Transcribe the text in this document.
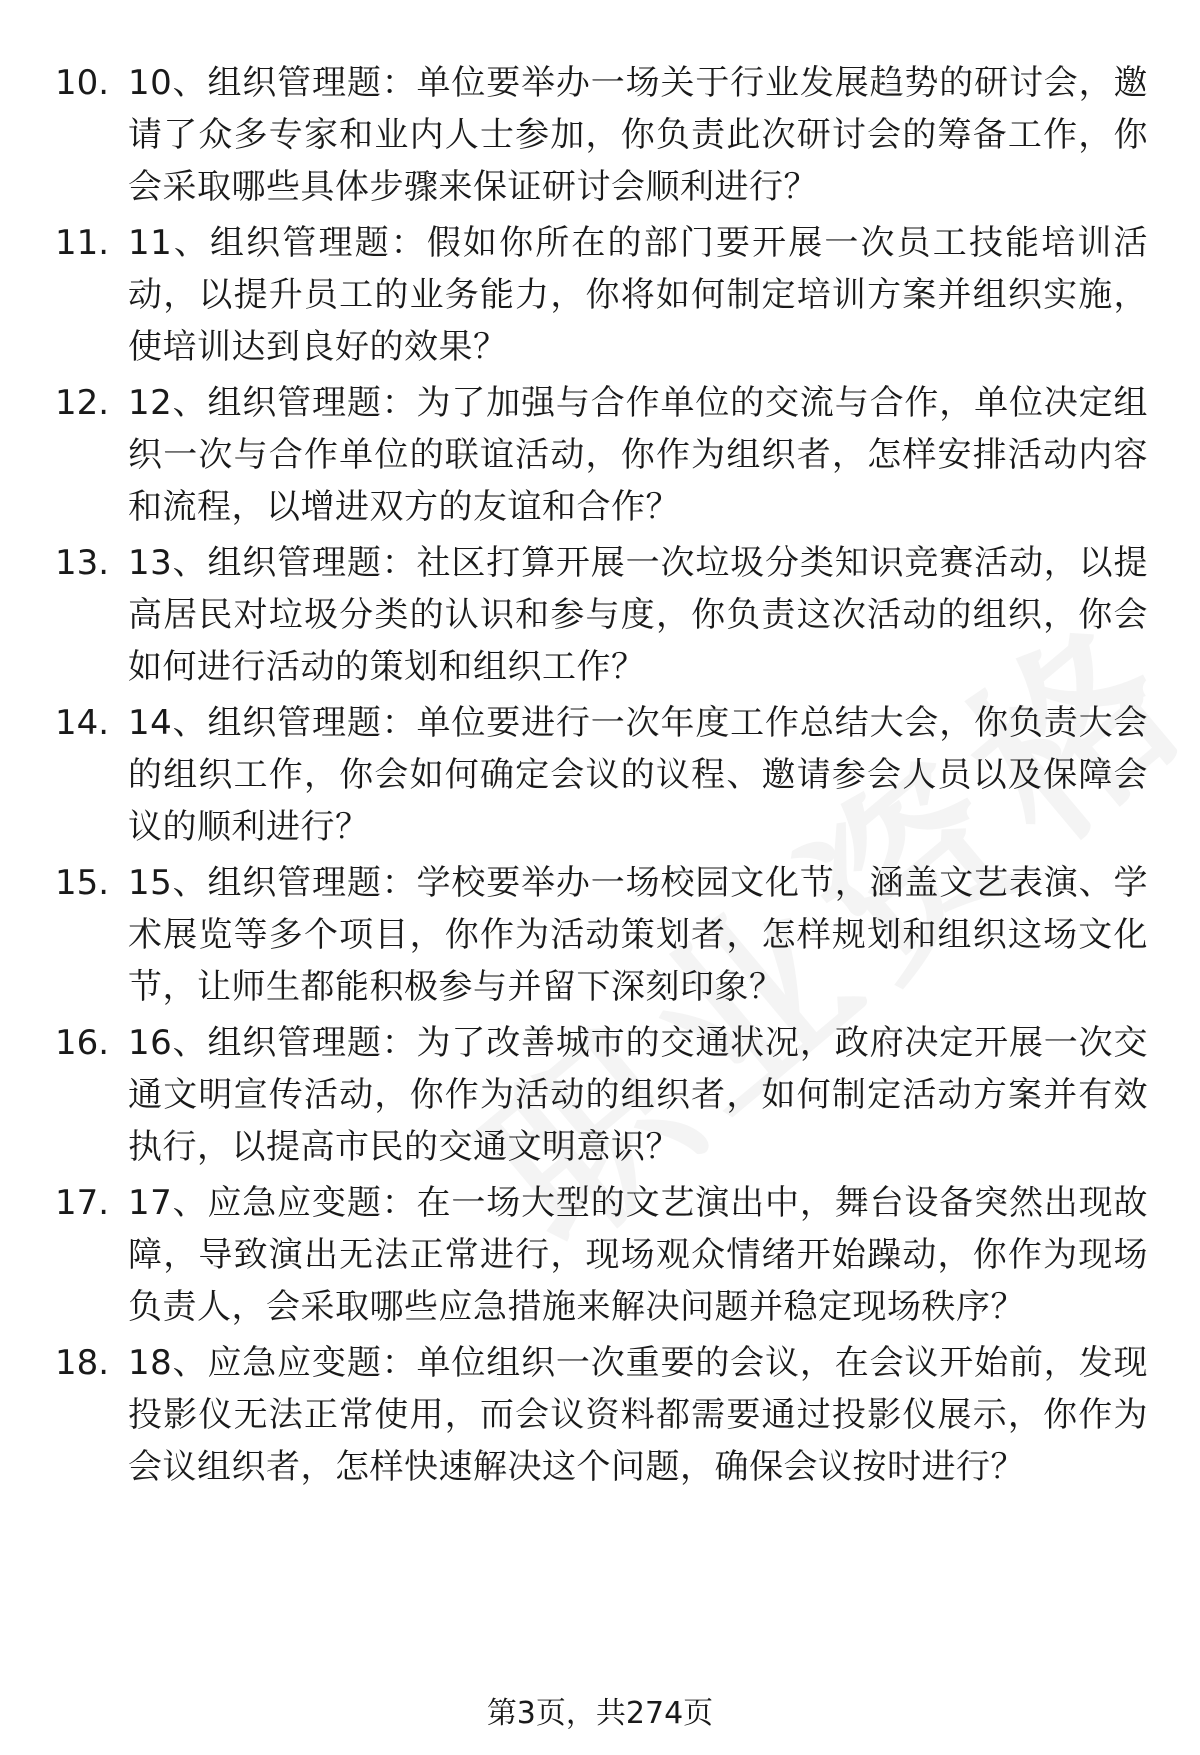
10. 10、组织管理题：单位要举办一场关于行业发展趋势的研讨会，邀请了众多专家和业内人士参加，你负责此次研讨会的筹备工作，你会采取哪些具体步骤来保证研讨会顺利进行？
11. 11、组织管理题：假如你所在的部门要开展一次员工技能培训活动，以提升员工的业务能力，你将如何制定培训方案并组织实施，使培训达到良好的效果？
12. 12、组织管理题：为了加强与合作单位的交流与合作，单位决定组织一次与合作单位的联谊活动，你作为组织者，怎样安排活动内容和流程，以增进双方的友谊和合作？
13. 13、组织管理题：社区打算开展一次垃圾分类知识竞赛活动，以提高居民对垃圾分类的认识和参与度，你负责这次活动的组织，你会如何进行活动的策划和组织工作？
14. 14、组织管理题：单位要进行一次年度工作总结大会，你负责大会的组织工作，你会如何确定会议的议程、邀请参会人员以及保障会议的顺利进行？
15. 15、组织管理题：学校要举办一场校园文化节，涵盖文艺表演、学术展览等多个项目，你作为活动策划者，怎样规划和组织这场文化节，让师生都能积极参与并留下深刻印象？
16. 16、组织管理题：为了改善城市的交通状况，政府决定开展一次交通文明宣传活动，你作为活动的组织者，如何制定活动方案并有效执行，以提高市民的交通文明意识？
17. 17、应急应变题：在一场大型的文艺演出中，舞台设备突然出现故障，导致演出无法正常进行，现场观众情绪开始躁动，你作为现场负责人，会采取哪些应急措施来解决问题并稳定现场秩序？
18. 18、应急应变题：单位组织一次重要的会议，在会议开始前，发现投影仪无法正常使用，而会议资料都需要通过投影仪展示，你作为会议组织者，怎样快速解决这个问题，确保会议按时进行？
第3页，共274页
